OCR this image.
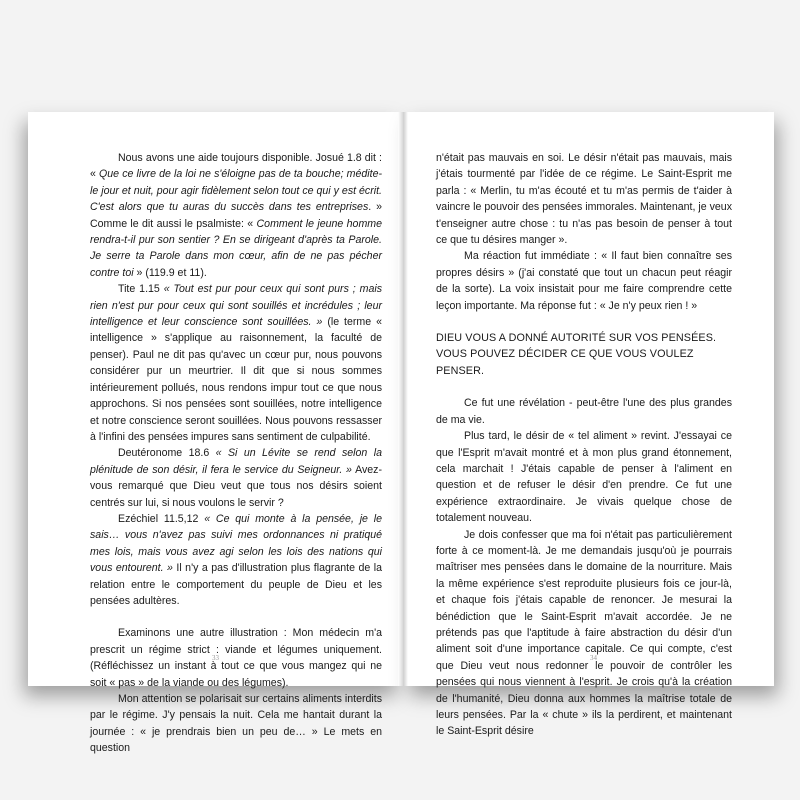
Nous avons une aide toujours disponible. Josué 1.8 dit : « Que ce livre de la loi ne s'éloigne pas de ta bouche; médite-le jour et nuit, pour agir fidèlement selon tout ce qui y est écrit. C'est alors que tu auras du succès dans tes entreprises. » Comme le dit aussi le psalmiste: « Comment le jeune homme rendra-t-il pur son sentier ? En se dirigeant d'après ta Parole. Je serre ta Parole dans mon cœur, afin de ne pas pécher contre toi » (119.9 et 11).

Tite 1.15 « Tout est pur pour ceux qui sont purs ; mais rien n'est pur pour ceux qui sont souillés et incrédules ; leur intelligence et leur conscience sont souillées. » (le terme « intelligence » s'applique au raisonnement, la faculté de penser). Paul ne dit pas qu'avec un cœur pur, nous pouvons considérer pur un meurtrier. Il dit que si nous sommes intérieurement pollués, nous rendons impur tout ce que nous approchons. Si nos pensées sont souillées, notre intelligence et notre conscience seront souillées. Nous pouvons ressasser à l'infini des pensées impures sans sentiment de culpabilité.

Deutéronome 18.6 « Si un Lévite se rend selon la plénitude de son désir, il fera le service du Seigneur. » Avez-vous remarqué que Dieu veut que tous nos désirs soient centrés sur lui, si nous voulons le servir ?

Ezéchiel 11.5,12 « Ce qui monte à la pensée, je le sais… vous n'avez pas suivi mes ordonnances ni pratiqué mes lois, mais vous avez agi selon les lois des nations qui vous entourent. » Il n'y a pas d'illustration plus flagrante de la relation entre le comportement du peuple de Dieu et les pensées adultères.

Examinons une autre illustration : Mon médecin m'a prescrit un régime strict : viande et légumes uniquement. (Réfléchissez un instant à tout ce que vous mangez qui ne soit « pas » de la viande ou des légumes).

Mon attention se polarisait sur certains aliments interdits par le régime. J'y pensais la nuit. Cela me hantait durant la journée : « je prendrais bien un peu de… » Le mets en question

33

n'était pas mauvais en soi. Le désir n'était pas mauvais, mais j'étais tourmenté par l'idée de ce régime. Le Saint-Esprit me parla : « Merlin, tu m'as écouté et tu m'as permis de t'aider à vaincre le pouvoir des pensées immorales. Maintenant, je veux t'enseigner autre chose : tu n'as pas besoin de penser à tout ce que tu désires manger ».

Ma réaction fut immédiate : « Il faut bien connaître ses propres désirs » (j'ai constaté que tout un chacun peut réagir de la sorte). La voix insistait pour me faire comprendre cette leçon importante. Ma réponse fut : « Je n'y peux rien ! »

DIEU VOUS A DONNÉ AUTORITÉ SUR VOS PENSÉES.
VOUS POUVEZ DÉCIDER CE QUE VOUS VOULEZ PENSER.

Ce fut une révélation - peut-être l'une des plus grandes de ma vie.

Plus tard, le désir de « tel aliment » revint. J'essayai ce que l'Esprit m'avait montré et à mon plus grand étonnement, cela marchait ! J'étais capable de penser à l'aliment en question et de refuser le désir d'en prendre. Ce fut une expérience extraordinaire. Je vivais quelque chose de totalement nouveau.

Je dois confesser que ma foi n'était pas particulièrement forte à ce moment-là. Je me demandais jusqu'où je pourrais maîtriser mes pensées dans le domaine de la nourriture. Mais la même expérience s'est reproduite plusieurs fois ce jour-là, et chaque fois j'étais capable de renoncer. Je mesurai la bénédiction que le Saint-Esprit m'avait accordée. Je ne prétends pas que l'aptitude à faire abstraction du désir d'un aliment soit d'une importance capitale. Ce qui compte, c'est que Dieu veut nous redonner le pouvoir de contrôler les pensées qui nous viennent à l'esprit. Je crois qu'à la création de l'humanité, Dieu donna aux hommes la maîtrise totale de leurs pensées. Par la « chute » ils la perdirent, et maintenant le Saint-Esprit désire

34
